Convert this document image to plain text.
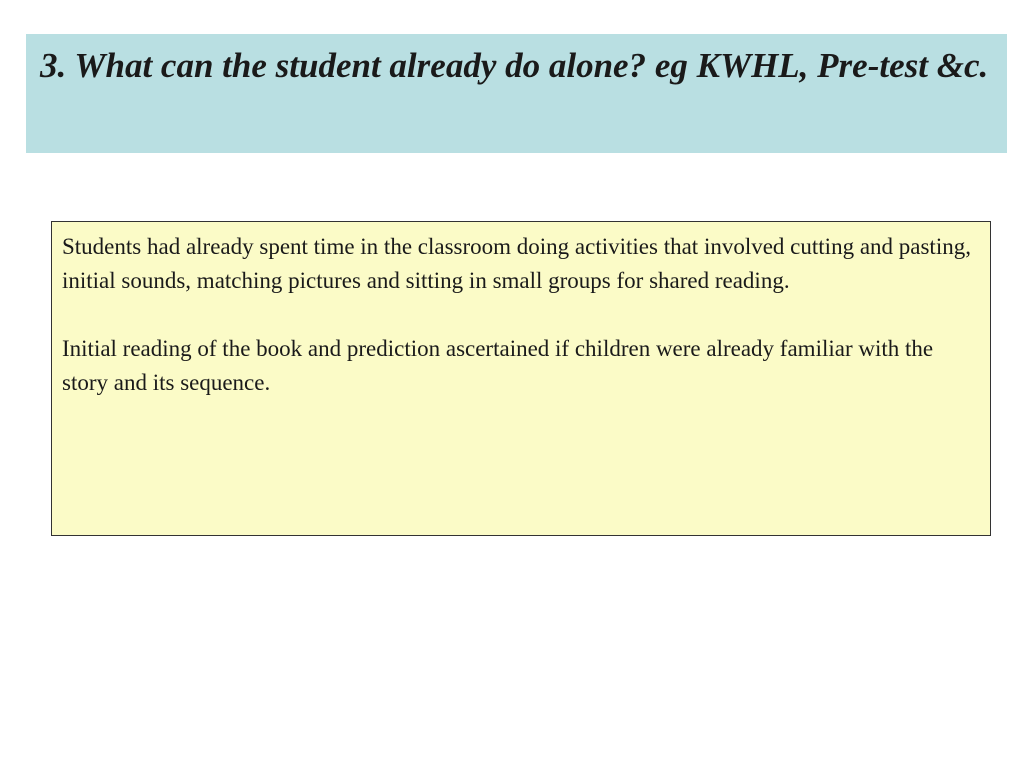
3. What can the student already do alone? eg KWHL, Pre-test &c.

Students had already spent time in the classroom doing activities that involved cutting and pasting, initial sounds, matching pictures and sitting in small groups for shared reading.

Initial reading of the book and prediction ascertained if children were already familiar with the story and its sequence.
